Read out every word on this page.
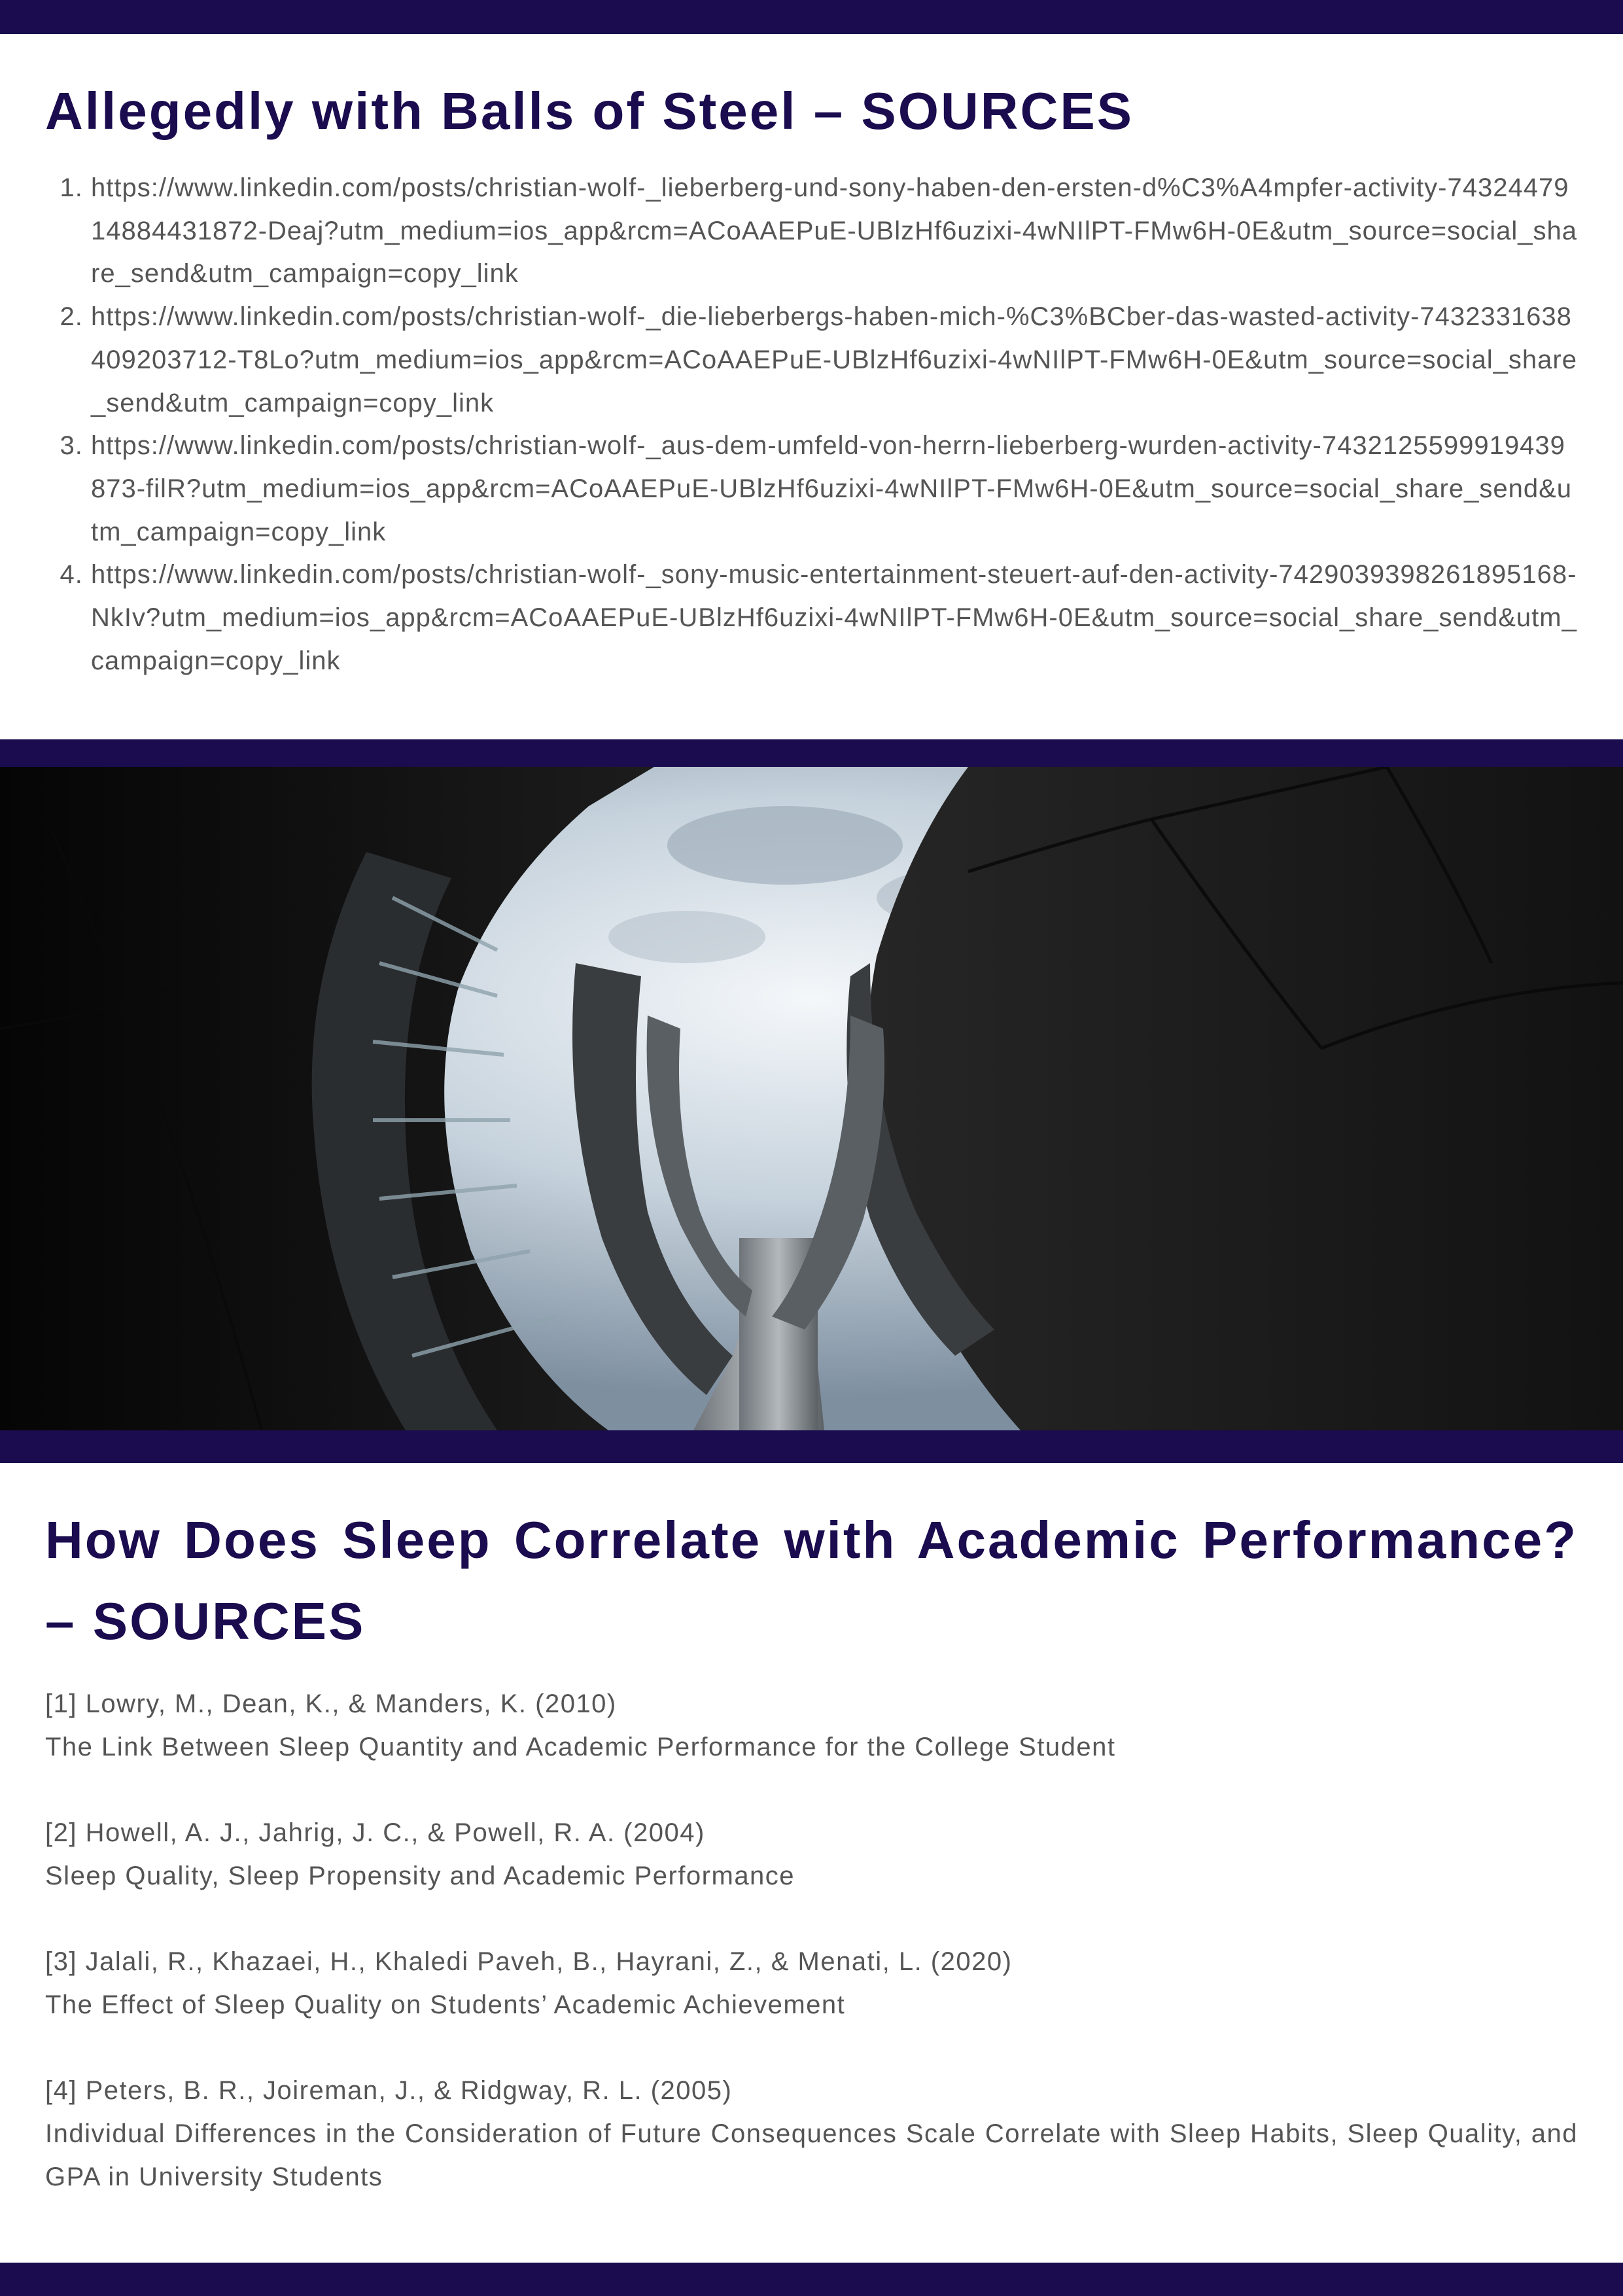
Allegedly with Balls of Steel – SOURCES
1. https://www.linkedin.com/posts/christian-wolf-_lieberberg-und-sony-haben-den-ersten-d%C3%A4mpfer-activity-7432447914884431872-Deaj?utm_medium=ios_app&rcm=ACoAAEPuE-UBlzHf6uzixi-4wNIlPT-FMw6H-0E&utm_source=social_share_send&utm_campaign=copy_link
2. https://www.linkedin.com/posts/christian-wolf-_die-lieberbergs-haben-mich-%C3%BCber-das-wasted-activity-7432331638409203712-T8Lo?utm_medium=ios_app&rcm=ACoAAEPuE-UBlzHf6uzixi-4wNIlPT-FMw6H-0E&utm_source=social_share_send&utm_campaign=copy_link
3. https://www.linkedin.com/posts/christian-wolf-_aus-dem-umfeld-von-herrn-lieberberg-wurden-activity-7432125599919439873-filR?utm_medium=ios_app&rcm=ACoAAEPuE-UBlzHf6uzixi-4wNIlPT-FMw6H-0E&utm_source=social_share_send&utm_campaign=copy_link
4. https://www.linkedin.com/posts/christian-wolf-_sony-music-entertainment-steuert-auf-den-activity-7429039398261895168-NkIv?utm_medium=ios_app&rcm=ACoAAEPuE-UBlzHf6uzixi-4wNIlPT-FMw6H-0E&utm_source=social_share_send&utm_campaign=copy_link
How Does Sleep Correlate with Academic Performance? – SOURCES

[1] Lowry, M., Dean, K., & Manders, K. (2010)
The Link Between Sleep Quantity and Academic Performance for the College Student

[2] Howell, A. J., Jahrig, J. C., & Powell, R. A. (2004)
Sleep Quality, Sleep Propensity and Academic Performance

[3] Jalali, R., Khazaei, H., Khaledi Paveh, B., Hayrani, Z., & Menati, L. (2020)
The Effect of Sleep Quality on Students’ Academic Achievement

[4] Peters, B. R., Joireman, J., & Ridgway, R. L. (2005)
Individual Differences in the Consideration of Future Consequences Scale Correlate with Sleep Habits, Sleep Quality, and GPA in University Students
